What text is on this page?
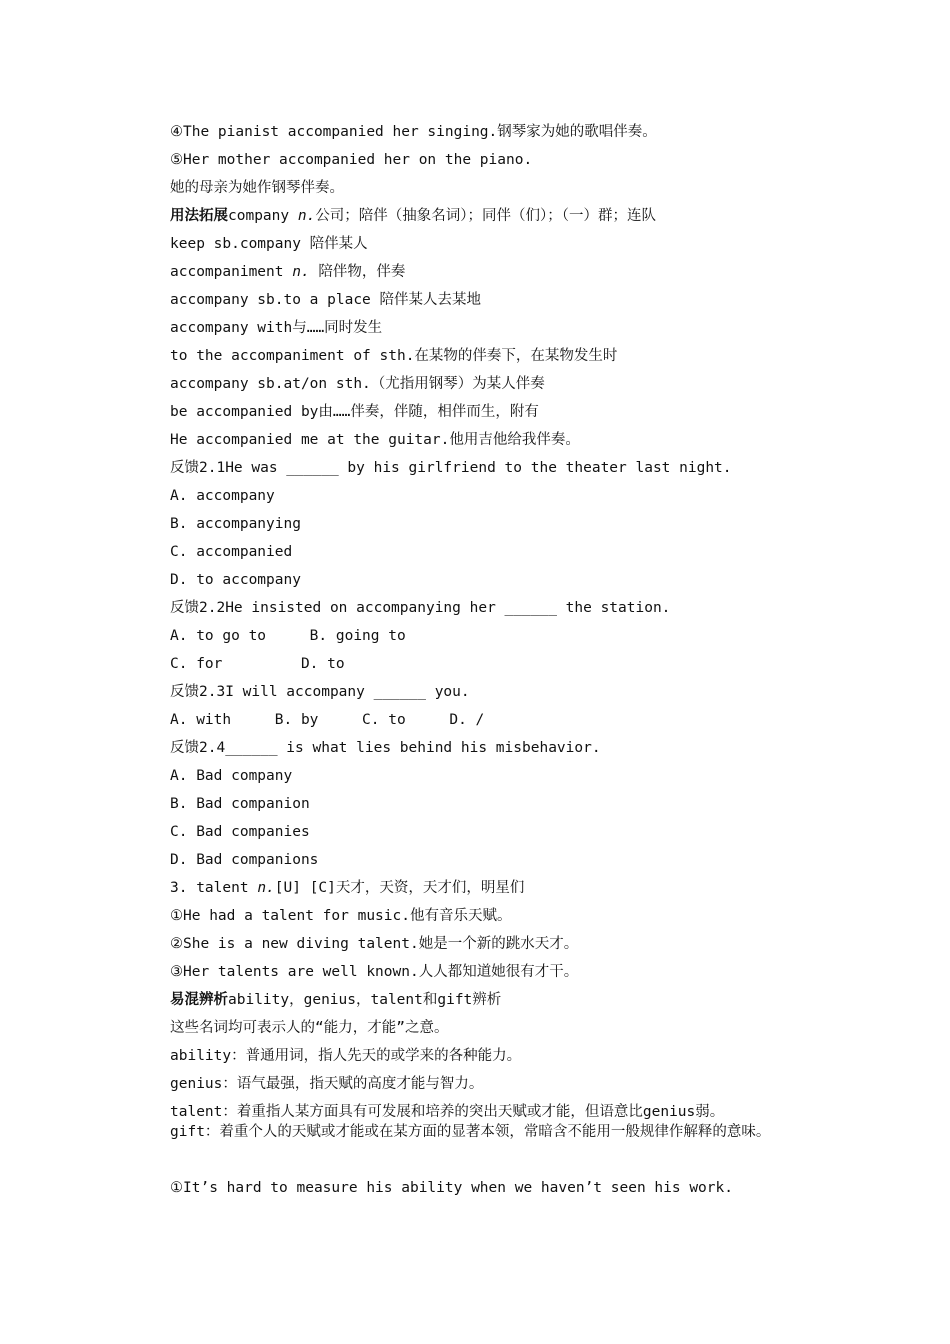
④The pianist accompanied her singing.钢琴家为她的歌唱伴奏。
⑤Her mother accompanied her on the piano.
她的母亲为她作钢琴伴奏。
用法拓展company n.公司；陪伴（抽象名词）；同伴（们）；（一）群；连队
keep sb.company 陪伴某人
accompaniment n. 陪伴物，伴奏
accompany sb.to a place 陪伴某人去某地
accompany with与……同时发生
to the accompaniment of sth.在某物的伴奏下，在某物发生时
accompany sb.at/on sth.（尤指用钢琴）为某人伴奏
be accompanied by由……伴奏，伴随，相伴而生，附有
He accompanied me at the guitar.他用吉他给我伴奏。
反馈2.1He was ______ by his girlfriend to the theater last night.
A. accompany
B. accompanying
C. accompanied
D. to accompany
反馈2.2He insisted on accompanying her ______ the station.
A. to go to     B. going to
C. for         D. to
反馈2.3I will accompany ______ you.
A. with     B. by     C. to     D. /
反馈2.4______ is what lies behind his misbehavior.
A. Bad company
B. Bad companion
C. Bad companies
D. Bad companions
3. talent n.[U] [C]天才，天资，天才们，明星们
①He had a talent for music.他有音乐天赋。
②She is a new diving talent.她是一个新的跳水天才。
③Her talents are well known.人人都知道她很有才干。
易混辨析ability，genius，talent和gift辨析
这些名词均可表示人的“能力，才能”之意。
ability：普通用词，指人先天的或学来的各种能力。
genius：语气最强，指天赋的高度才能与智力。
talent：着重指人某方面具有可发展和培养的突出天赋或才能，但语意比genius弱。
gift：着重个人的天赋或才能或在某方面的显著本领，常暗含不能用一般规律作解释的意味。
①It’s hard to measure his ability when we haven’t seen his work.
